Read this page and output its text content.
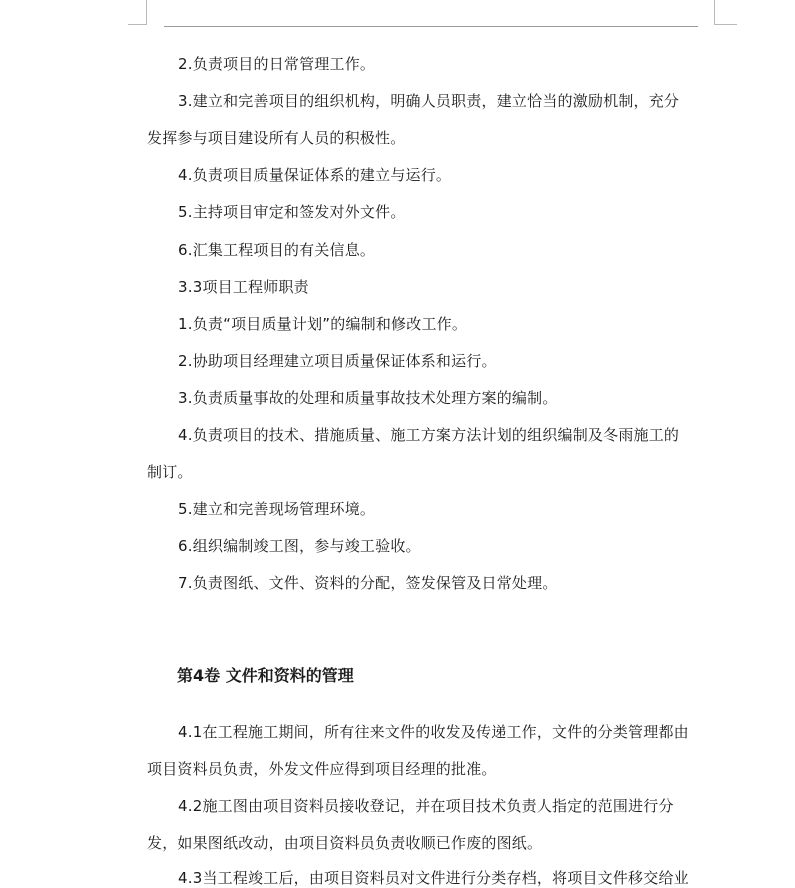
2.负责项目的日常管理工作。
3.建立和完善项目的组织机构，明确人员职责，建立恰当的激励机制，充分
发挥参与项目建设所有人员的积极性。
4.负责项目质量保证体系的建立与运行。
5.主持项目审定和签发对外文件。
6.汇集工程项目的有关信息。
3.3项目工程师职责
1.负责“项目质量计划”的编制和修改工作。
2.协助项目经理建立项目质量保证体系和运行。
3.负责质量事故的处理和质量事故技术处理方案的编制。
4.负责项目的技术、措施质量、施工方案方法计划的组织编制及冬雨施工的
制订。
5.建立和完善现场管理环境。
6.组织编制竣工图，参与竣工验收。
7.负责图纸、文件、资料的分配，签发保管及日常处理。
第4卷 文件和资料的管理
4.1在工程施工期间，所有往来文件的收发及传递工作，文件的分类管理都由
项目资料员负责，外发文件应得到项目经理的批准。
4.2施工图由项目资料员接收登记，并在项目技术负责人指定的范围进行分
发，如果图纸改动，由项目资料员负责收顺已作废的图纸。
4.3当工程竣工后，由项目资料员对文件进行分类存档，将项目文件移交给业
